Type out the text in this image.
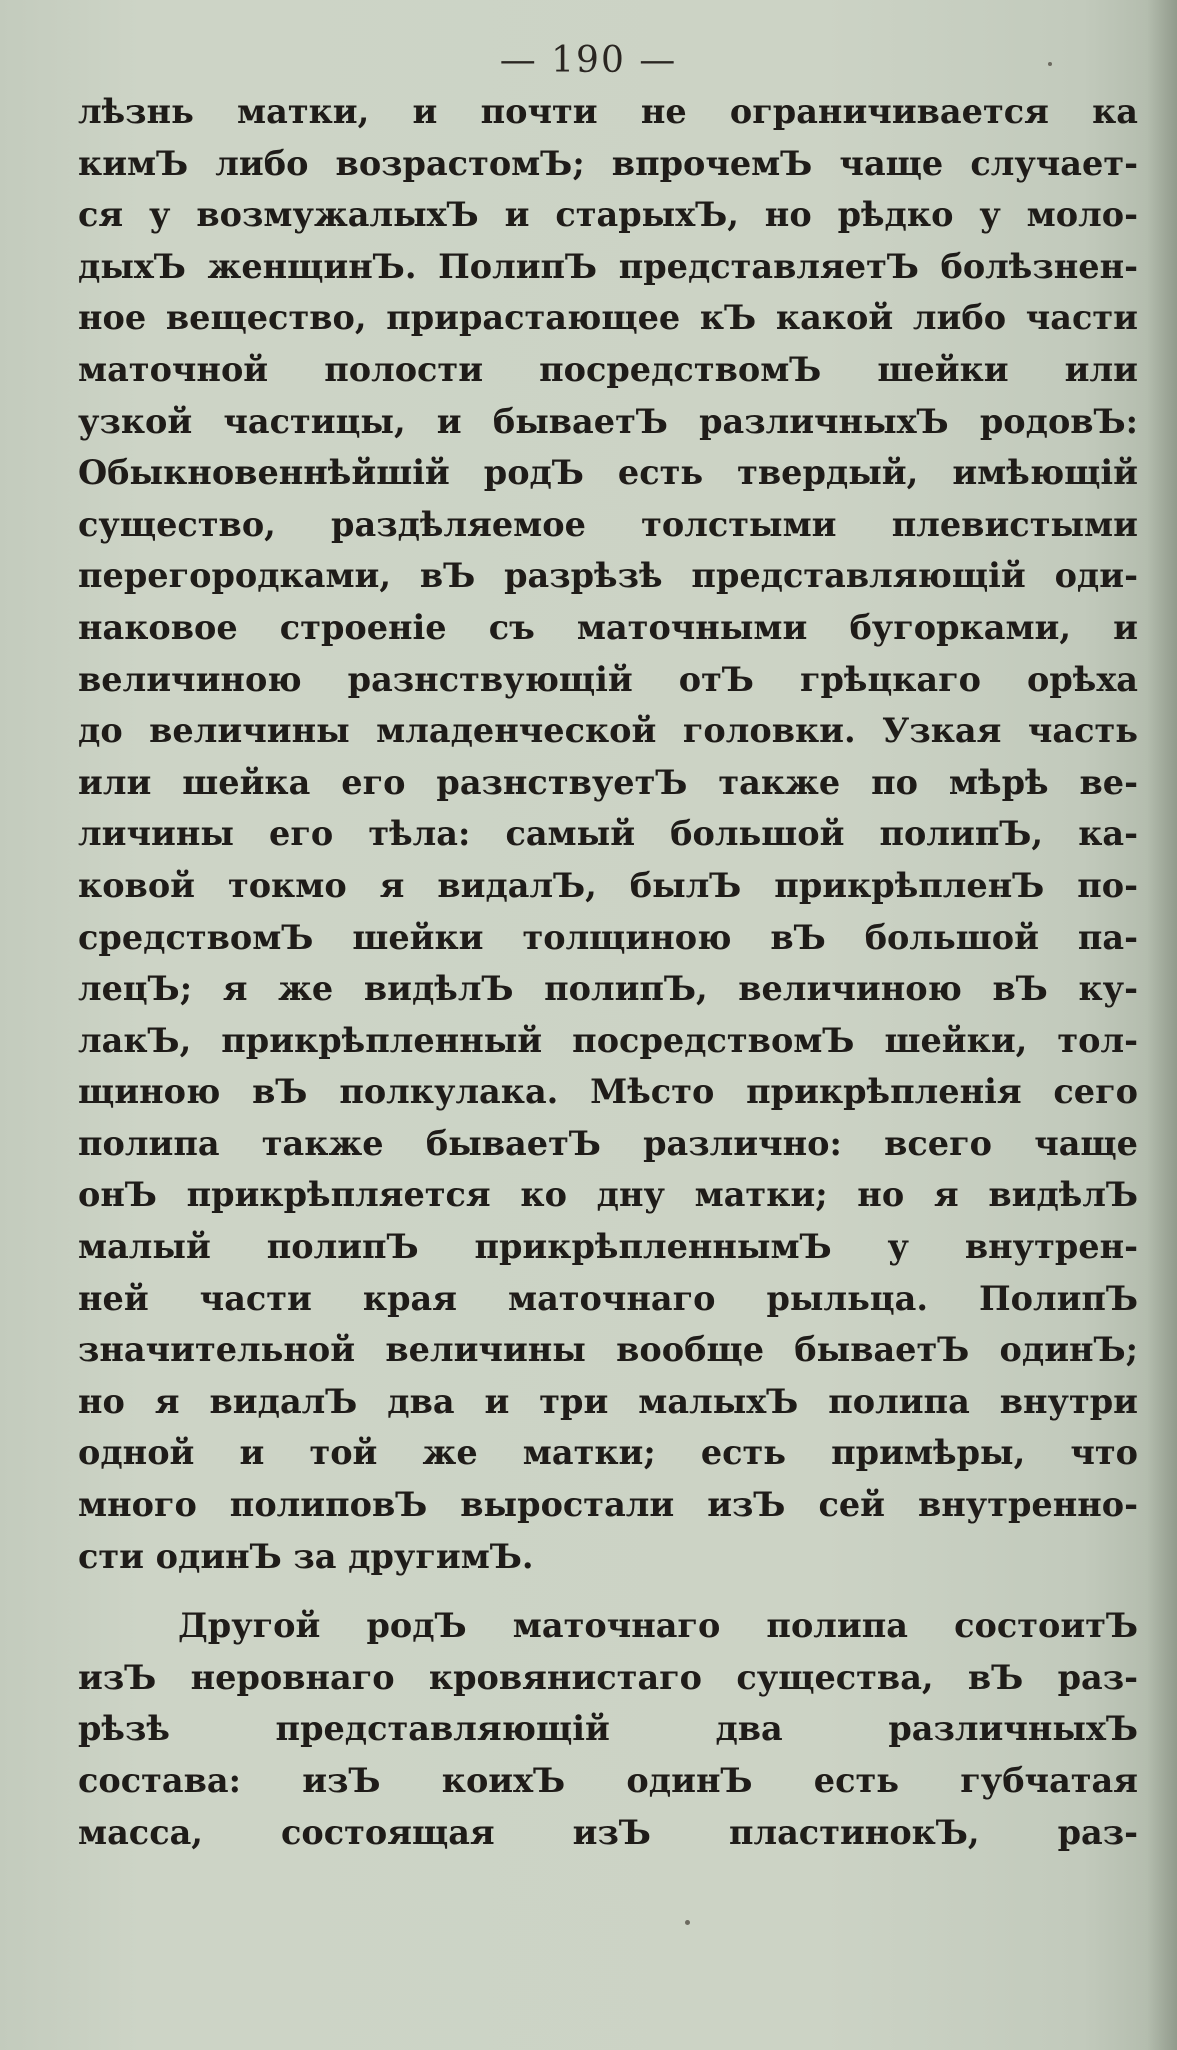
— 190 —
лѣзнь матки, и почти не ограничивается ка
кимЪ либо возрастомЪ; впрочемЪ чаще случает-
ся у возмужалыхЪ и старыхЪ, но рѣдко у моло-
дыхЪ женщинЪ. ПолипЪ представляетЪ болѣзнен-
ное вещество, прирастающее кЪ какой либо части
маточной полости посредствомЪ шейки или
узкой частицы, и бываетЪ различныхЪ родовЪ:
Обыкновеннѣйшій родЪ есть твердый, имѣющій
существо, раздѣляемое толстыми плевистыми
перегородками, вЪ разрѣзѣ представляющій оди-
наковое строеніе съ маточными бугорками, и
величиною разнствующій отЪ грѣцкаго орѣха
до величины младенческой головки. Узкая часть
или шейка его разнствуетЪ также по мѣрѣ ве-
личины его тѣла: самый большой полипЪ, ка-
ковой токмо я видалЪ, былЪ прикрѣпленЪ по-
средствомЪ шейки толщиною вЪ большой па-
лецЪ; я же видѣлЪ полипЪ, величиною вЪ ку-
лакЪ, прикрѣпленный посредствомЪ шейки, тол-
щиною вЪ полкулака. Мѣсто прикрѣпленія сего
полипа также бываетЪ различно: всего чаще
онЪ прикрѣпляется ко дну матки; но я видѣлЪ
малый полипЪ прикрѣпленнымЪ у внутрен-
ней части края маточнаго рыльца. ПолипЪ
значительной величины вообще бываетЪ одинЪ;
но я видалЪ два и три малыхЪ полипа внутри
одной и той же матки; есть примѣры, что
много полиповЪ выростали изЪ сей внутренно-
сти одинЪ за другимЪ.
Другой родЪ маточнаго полипа состоитЪ
изЪ неровнаго кровянистаго существа, вЪ раз-
рѣзѣ представляющій два различныхЪ
состава: изЪ коихЪ одинЪ есть губчатая
масса, состоящая изЪ пластинокЪ, раз-
